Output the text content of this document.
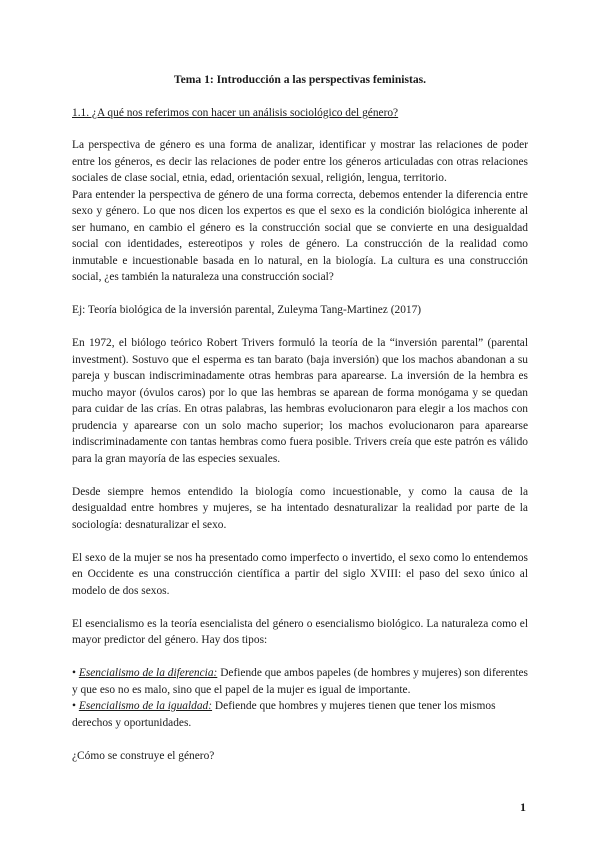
Tema 1: Introducción a las perspectivas feministas.

1.1. ¿A qué nos referimos con hacer un análisis sociológico del género?

La perspectiva de género es una forma de analizar, identificar y mostrar las relaciones de poder entre los géneros, es decir las relaciones de poder entre los géneros articuladas con otras relaciones sociales de clase social, etnia, edad, orientación sexual, religión, lengua, territorio.

Para entender la perspectiva de género de una forma correcta, debemos entender la diferencia entre sexo y género. Lo que nos dicen los expertos es que el sexo es la condición biológica inherente al ser humano, en cambio el género es la construcción social que se convierte en una desigualdad social con identidades, estereotipos y roles de género. La construcción de la realidad como inmutable e incuestionable basada en lo natural, en la biología. La cultura es una construcción social, ¿es también la naturaleza una construcción social?

Ej: Teoría biológica de la inversión parental, Zuleyma Tang-Martinez (2017)

En 1972, el biólogo teórico Robert Trivers formuló la teoría de la “inversión parental” (parental investment). Sostuvo que el esperma es tan barato (baja inversión) que los machos abandonan a su pareja y buscan indiscriminadamente otras hembras para aparearse. La inversión de la hembra es mucho mayor (óvulos caros) por lo que las hembras se aparean de forma monógama y se quedan para cuidar de las crías. En otras palabras, las hembras evolucionaron para elegir a los machos con prudencia y aparearse con un solo macho superior; los machos evolucionaron para aparearse indiscriminadamente con tantas hembras como fuera posible. Trivers creía que este patrón es válido para la gran mayoría de las especies sexuales.

Desde siempre hemos entendido la biología como incuestionable, y como la causa de la desigualdad entre hombres y mujeres, se ha intentado desnaturalizar la realidad por parte de la sociología: desnaturalizar el sexo.

El sexo de la mujer se nos ha presentado como imperfecto o invertido, el sexo como lo entendemos en Occidente es una construcción científica a partir del siglo XVIII: el paso del sexo único al modelo de dos sexos.

El esencialismo es la teoría esencialista del género o esencialismo biológico. La naturaleza como el mayor predictor del género. Hay dos tipos:

• Esencialismo de la diferencia: Defiende que ambos papeles (de hombres y mujeres) son diferentes y que eso no es malo, sino que el papel de la mujer es igual de importante.

• Esencialismo de la igualdad: Defiende que hombres y mujeres tienen que tener los mismos derechos y oportunidades.

¿Cómo se construye el género?

1
